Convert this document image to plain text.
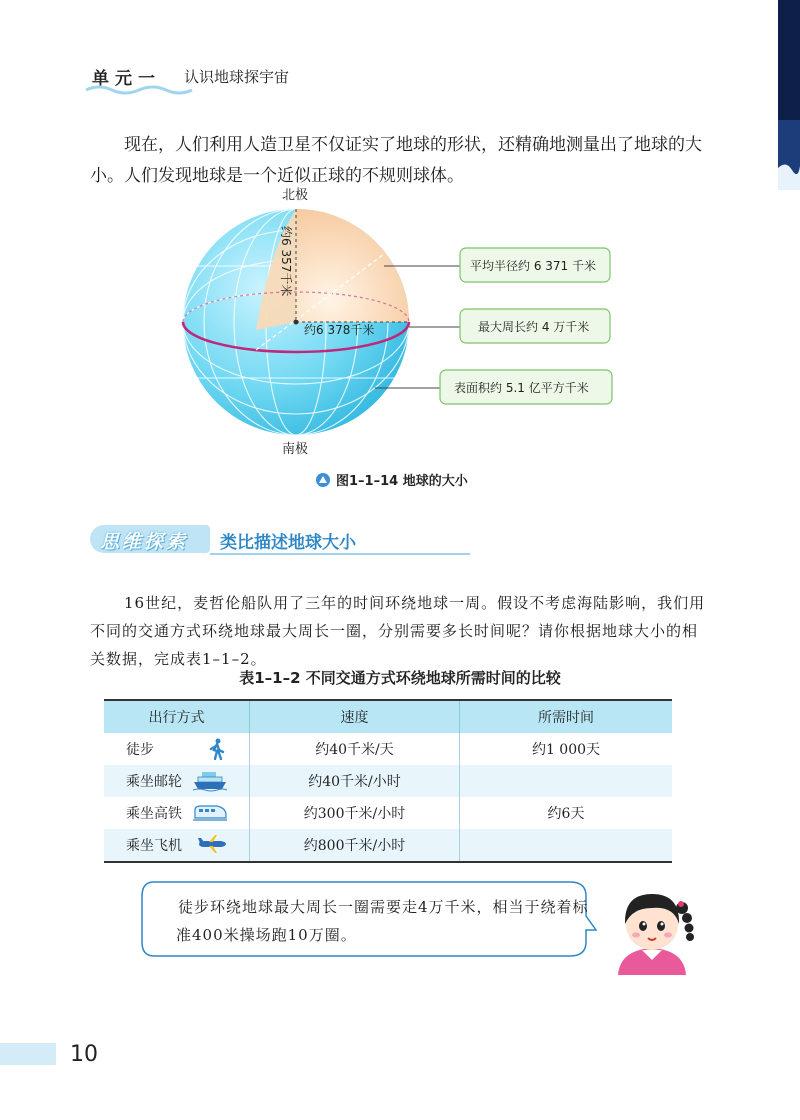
单元一 认识地球探宇宙

现在，人们利用人造卫星不仅证实了地球的形状，还精确地测量出了地球的大小。人们发现地球是一个近似正球的不规则球体。

北极
南极
约6 357千米
约6 378千米
平均半径约 6 371 千米
最大周长约 4 万千米
表面积约 5.1 亿平方千米
图1–1–14 地球的大小
思维探索 类比描述地球大小

16世纪，麦哲伦船队用了三年的时间环绕地球一周。假设不考虑海陆影响，我们用不同的交通方式环绕地球最大周长一圈，分别需要多长时间呢？请你根据地球大小的相关数据，完成表1–1–2。

表1–1–2 不同交通方式环绕地球所需时间的比较
出行方式	速度	所需时间
徒步	约40千米/天	约1 000天
乘坐邮轮	约40千米/小时	
乘坐高铁	约300千米/小时	约6天
乘坐飞机	约800千米/小时	

徒步环绕地球最大周长一圈需要走4万千米，相当于绕着标准400米操场跑10万圈。

10
